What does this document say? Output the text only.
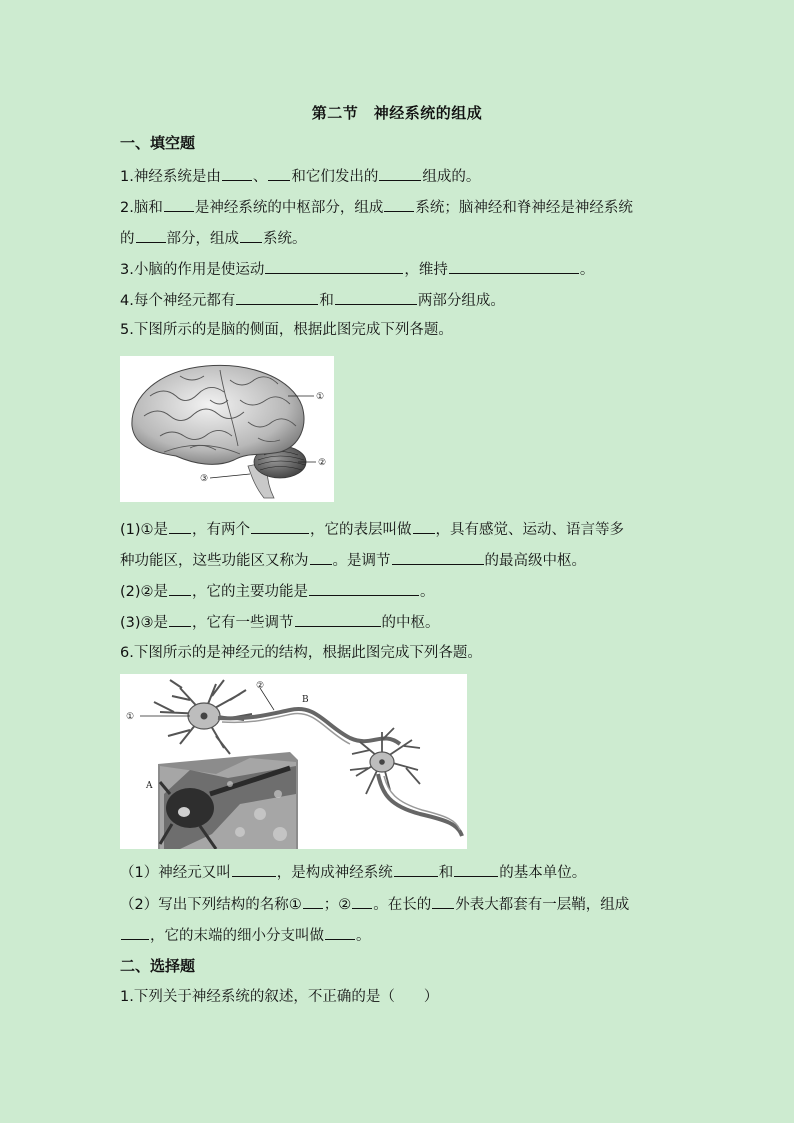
第二节　神经系统的组成
一、填空题
1.神经系统是由 、 和它们发出的	组成的。
2.脑和 是神经系统的中枢部分，组成 系统；脑神经和脊神经是神经系统
的 部分，组成 系统。
3.小脑的作用是使运动	，维持	。
4.每个神经元都有	和	两部分组成。
5.下图所示的是脑的侧面，根据此图完成下列各题。
①
②
③
(1)①是 ，有两个	，它的表层叫做 ，具有感觉、运动、语言等多
种功能区，这些功能区又称为 。是调节	的最高级中枢。
(2)②是 ，它的主要功能是	。
(3)③是 ，它有一些调节	的中枢。
6.下图所示的是神经元的结构，根据此图完成下列各题。
A
①
②
B
（1）神经元又叫	，是构成神经系统	和	的基本单位。
（2）写出下列结构的名称① ；② 。在长的 外表大都套有一层鞘，组成
，它的末端的细小分支叫做 。
二、选择题
1.下列关于神经系统的叙述，不正确的是（　　）
